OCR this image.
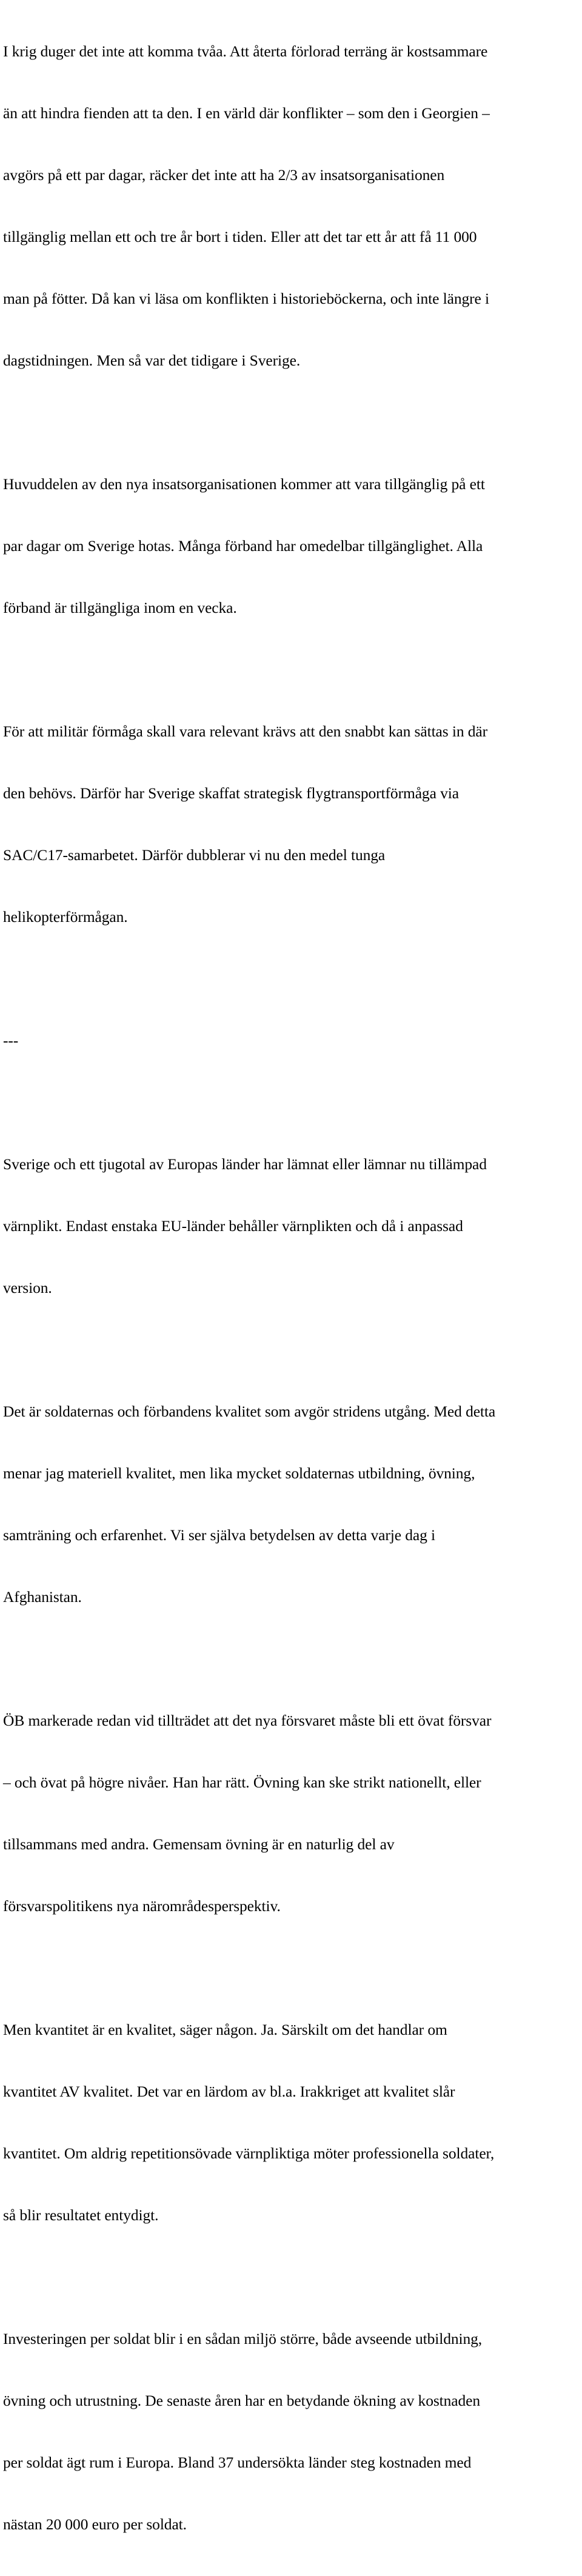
I krig duger det inte att komma tvåa. Att återta förlorad terräng är kostsammare

än att hindra fienden att ta den. I en värld där konflikter – som den i Georgien –

avgörs på ett par dagar, räcker det inte att ha 2/3 av insatsorganisationen

tillgänglig mellan ett och tre år bort i tiden. Eller att det tar ett år att få 11 000

man på fötter. Då kan vi läsa om konflikten i historieböckerna, och inte längre i

dagstidningen. Men så var det tidigare i Sverige.

Huvuddelen av den nya insatsorganisationen kommer att vara tillgänglig på ett

par dagar om Sverige hotas. Många förband har omedelbar tillgänglighet. Alla

förband är tillgängliga inom en vecka.

För att militär förmåga skall vara relevant krävs att den snabbt kan sättas in där

den behövs. Därför har Sverige skaffat strategisk flygtransportförmåga via

SAC/C17-samarbetet. Därför dubblerar vi nu den medel tunga

helikopterförmågan.

---

Sverige och ett tjugotal av Europas länder har lämnat eller lämnar nu tillämpad

värnplikt. Endast enstaka EU-länder behåller värnplikten och då i anpassad

version.

Det är soldaternas och förbandens kvalitet som avgör stridens utgång. Med detta

menar jag materiell kvalitet, men lika mycket soldaternas utbildning, övning,

samträning och erfarenhet. Vi ser själva betydelsen av detta varje dag i

Afghanistan.

ÖB markerade redan vid tillträdet att det nya försvaret måste bli ett övat försvar

– och övat på högre nivåer. Han har rätt. Övning kan ske strikt nationellt, eller

tillsammans med andra. Gemensam övning är en naturlig del av

försvarspolitikens nya närområdesperspektiv.

Men kvantitet är en kvalitet, säger någon. Ja. Särskilt om det handlar om

kvantitet AV kvalitet. Det var en lärdom av bl.a. Irakkriget att kvalitet slår

kvantitet. Om aldrig repetitionsövade värnpliktiga möter professionella soldater,

så blir resultatet entydigt.

Investeringen per soldat blir i en sådan miljö större, både avseende utbildning,

övning och utrustning. De senaste åren har en betydande ökning av kostnaden

per soldat ägt rum i Europa. Bland 37 undersökta länder steg kostnaden med

nästan 20 000 euro per soldat.
